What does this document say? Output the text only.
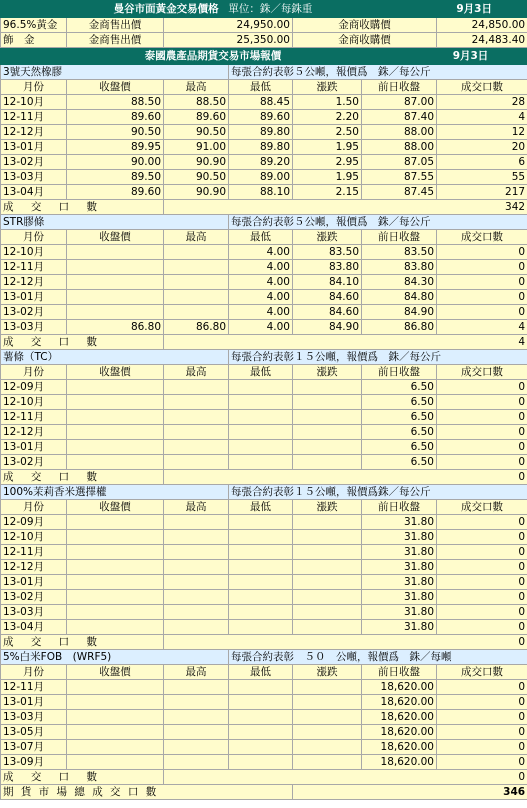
曼谷市面黃金交易價格 單位：銖／每銖重 9月3日						
96.5%黃金	金商售出價	24,950.00		金商收購價		24,850.00
飾　金	金商售出價	25,350.00		金商收購價		24,483.40
泰國農產品期貨交易市場報價 9月3日						
3號天然橡膠			每張合約表彰５公噸，報價爲　銖／每公斤			
月份	收盤價	最高	最低	漲跌	前日收盤	成交口數
12-10月	88.50	88.50	88.45	1.50	87.00	28
12-11月	89.60	89.60	89.60	2.20	87.40	4
12-12月	90.50	90.50	89.80	2.50	88.00	12
13-01月	89.95	91.00	89.80	1.95	88.00	20
13-02月	90.00	90.90	89.20	2.95	87.05	6
13-03月	89.50	90.50	89.00	1.95	87.55	55
13-04月	89.60	90.90	88.10	2.15	87.45	217
成 交 口 數		342				
STR膠條			每張合約表彰５公噸，報價爲　銖／每公斤			
月份	收盤價	最高	最低	漲跌	前日收盤	成交口數
12-10月			4.00	83.50	83.50	0
12-11月			4.00	83.80	83.80	0
12-12月			4.00	84.10	84.30	0
13-01月			4.00	84.60	84.80	0
13-02月			4.00	84.60	84.90	0
13-03月	86.80	86.80	4.00	84.90	86.80	4
成 交 口 數		4				
薯條（TC）			每張合約表彰１５公噸，報價爲　銖／每公斤			
月份	收盤價	最高	最低	漲跌	前日收盤	成交口數
12-09月					6.50	0
12-10月					6.50	0
12-11月					6.50	0
12-12月					6.50	0
13-01月					6.50	0
13-02月					6.50	0
成 交 口 數		0				
100%茉莉香米選擇權			每張合約表彰１５公噸，報價爲銖／每公斤			
月份	收盤價	最高	最低	漲跌	前日收盤	成交口數
12-09月					31.80	0
12-10月					31.80	0
12-11月					31.80	0
12-12月					31.80	0
13-01月					31.80	0
13-02月					31.80	0
13-03月					31.80	0
13-04月					31.80	0
成 交 口 數		0				
5%白米FOB　(WRF5)			每張合約表彰　５０　公噸，報價爲　銖／每噸			
月份	收盤價	最高	最低	漲跌	前日收盤	成交口數
12-11月					18,620.00	0
13-01月					18,620.00	0
13-03月					18,620.00	0
13-05月					18,620.00	0
13-07月					18,620.00	0
13-09月					18,620.00	0
成 交 口 數		0				
期 貨 市 場 總 成 交 口 數				346		
